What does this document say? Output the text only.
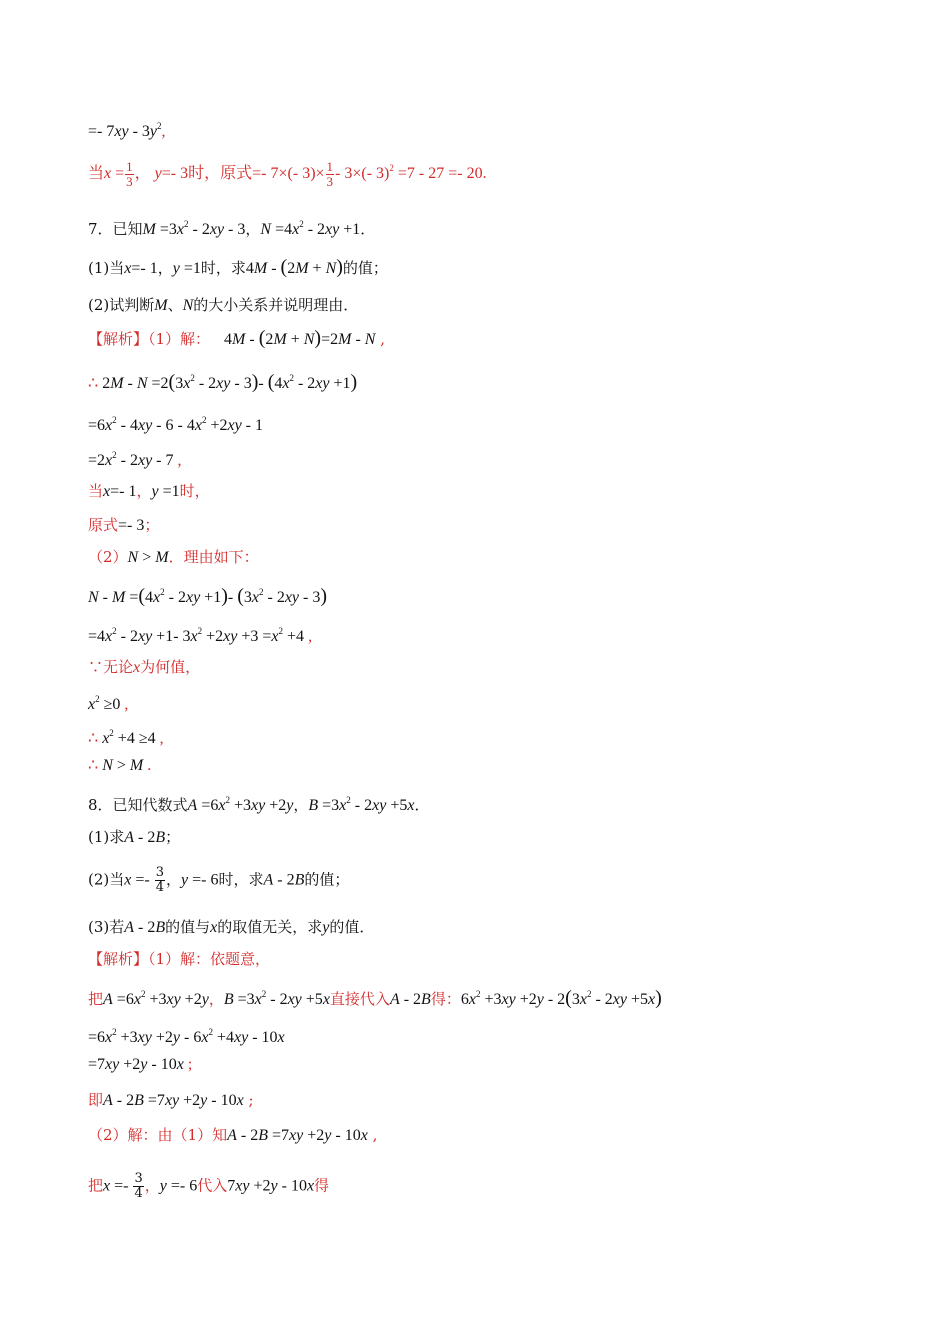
=- $7xy - 3y^2$,
当$x = \frac{1}{3}$ ， y=- 3时，原式=- 7×(- $3)\times \frac{1}{3} - 3\times(-$ 3)$^2$ =7 - 27 =- 20.
7．已知$M =3x^2 - 2xy - 3$，$N =4x^2 - 2xy +1$．
(1)当x=- 1，y =1时，求4M - (2M + N)的值；
(2)试判断M、N的大小关系并说明理由．
【解析】（1）解： 4M - (2M + N)=2M - N ,
∴ $2M - N =2(3x^2 - 2xy - 3)-$ $(4x^2 - 2xy +1)$
$=6x^2 - 4xy - 6 - 4x^2 +2xy - 1$
$=2x^2 - 2xy - 7$ ,
当x=- 1，y =1时，
原式=- 3；
（2）N > M．理由如下：
$N - M =(4x^2 - 2xy +1)-$ $(3x^2 - 2xy - 3)$
$=4x^2 - 2xy +1-$ $3x^2 +2xy +3 =x^2 +4$ ,
∵无论x为何值，
$x^2 \ge 0$ ,
∴ $x^2 +4 \ge 4$ ,
∴ N > M .
8．已知代数式$A =6x^2 +3xy +2y$，$B =3x^2 - 2xy +5x$．
(1)求A - 2B；
(2)当$x =- \frac{3}{4}$ ，y =- 6时，求A - 2B的值；
(3)若A - 2B的值与x的取值无关，求y的值．
【解析】（1）解：依题意，
把$A =6x^2 +3xy +2y$，$B =3x^2 - 2xy +5x$直接代入A - 2B得：$6x^2 +3xy +2y - 2(3x^2 - 2xy +5x)$
$=6x^2 +3xy +2y - 6x^2 +4xy - 10x$
=7xy +2y - 10x ;
即A - 2B =7xy +2y - 10x ;
（2）解：由（1）知A - 2B =7xy +2y - 10x ,
把$x =- \frac{3}{4}$ ，y =- 6代入7xy +2y - 10x得
